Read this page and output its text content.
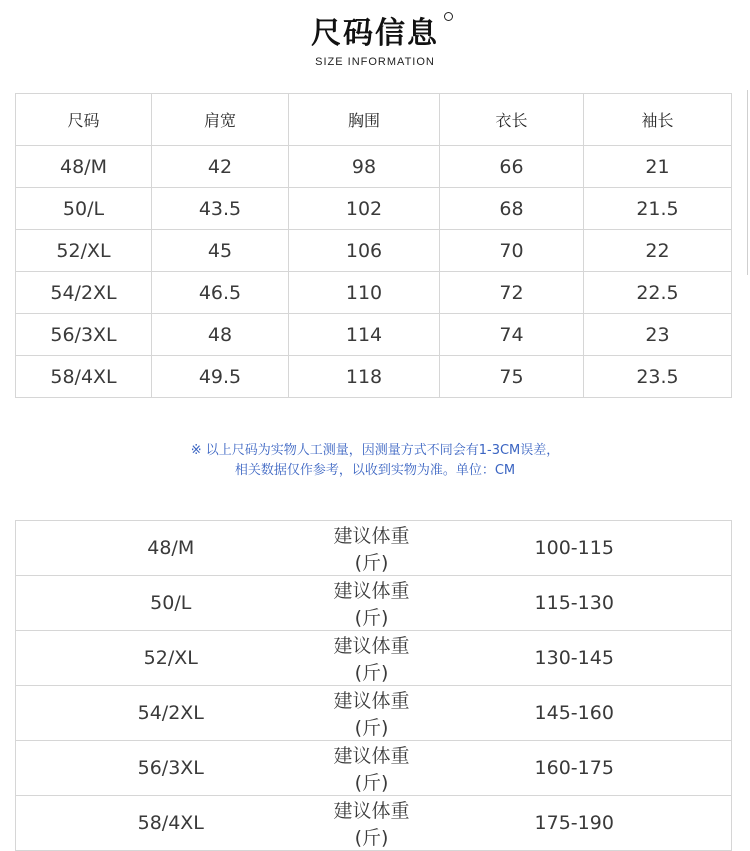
尺码信息
SIZE INFORMATION
尺码	肩宽	胸围	衣长	袖长
48/M	42	98	66	21
50/L	43.5	102	68	21.5
52/XL	45	106	70	22
54/2XL	46.5	110	72	22.5
56/3XL	48	114	74	23
58/4XL	49.5	118	75	23.5
※ 以上尺码为实物人工测量，因测量方式不同会有1-3CM误差，
相关数据仅作参考，以收到实物为准。单位：CM
48/M	建议体重(斤)	100-115
50/L	建议体重(斤)	115-130
52/XL	建议体重(斤)	130-145
54/2XL	建议体重(斤)	145-160
56/3XL	建议体重(斤)	160-175
58/4XL	建议体重(斤)	175-190
